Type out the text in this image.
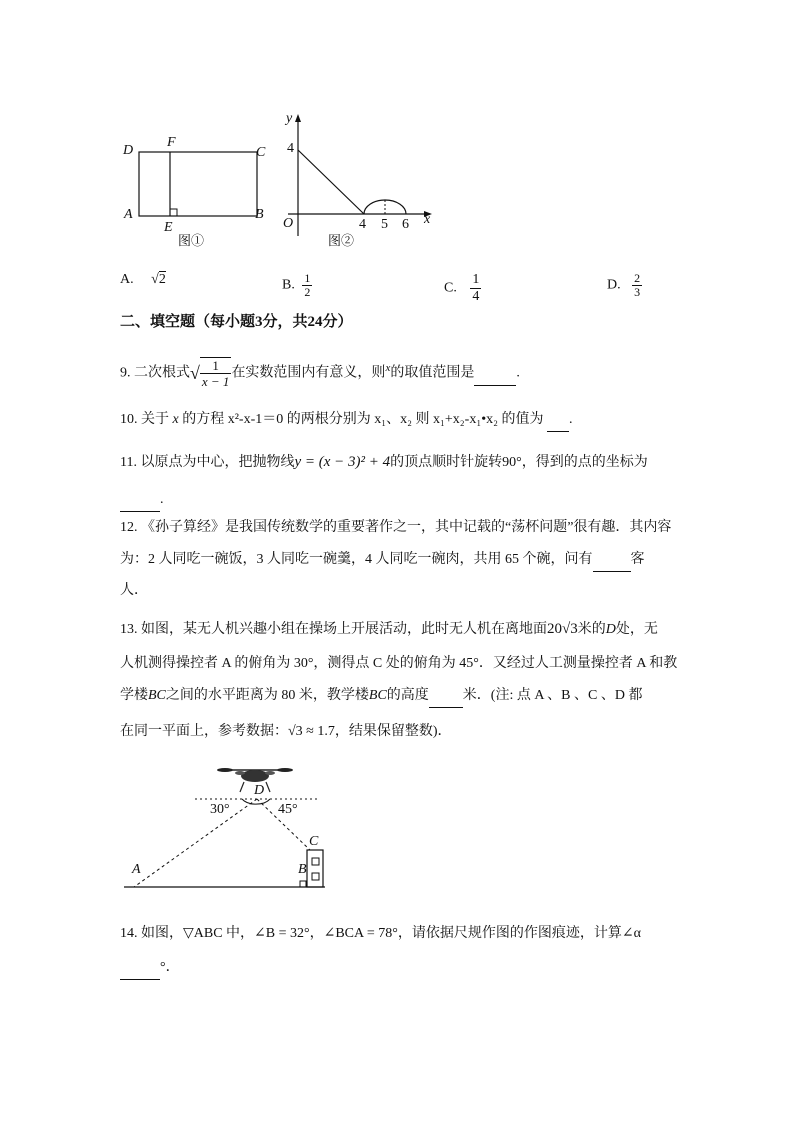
D
F
C
A
E
B
图①
y
x
O
4
4 5 6
图②
A. √2	B. $\frac{1}{2}$	C. $\frac{1}{4}$	D. $\frac{2}{3}$
二、填空题（每小题3分，共24分）
9. 二次根式√ $\frac{1}{x - 1}$ 在实数范围内有意义，则$^x$的取值范围是	.
10. 关于 x 的方程 x²-x-1＝0 的两根分别为 x₁、x₂ 则 x₁+x₂-x₁•x₂ 的值为 .
11. 以原点为中心，把抛物线y = (x − 3)² + 4的顶点顺时针旋转90°，得到的点的坐标为
.
12. 《孙子算经》是我国传统数学的重要著作之一，其中记载的“荡杯问题”很有趣．其内容
为：2 人同吃一碗饭，3 人同吃一碗羹，4 人同吃一碗肉，共用 65 个碗，问有	客
人．
13. 如图，某无人机兴趣小组在操场上开展活动，此时无人机在离地面20√3米的D处，无
人机测得操控者 A 的俯角为 30°，测得点 C 处的俯角为 45°．又经过人工测量操控者 A 和教
学楼BC之间的水平距离为 80 米，教学楼BC的高度 米．(注: 点 A 、B 、C 、D 都
在同一平面上，参考数据：√3 ≈ 1.7，结果保留整数)．
D
30°	45°
C
A	B
14. 如图，▽ABC 中，∠B = 32°，∠BCA = 78°，请依据尺规作图的作图痕迹，计算∠α
°．
